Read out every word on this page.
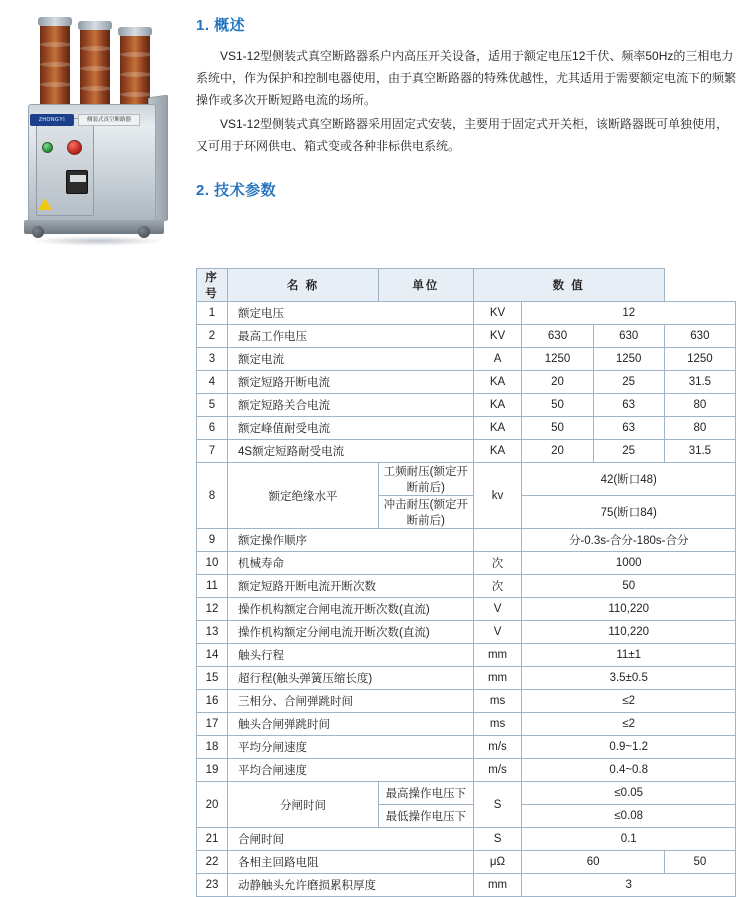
ZHONGYI	侧装式真空断路器
1. 概述

VS1-12型侧装式真空断路器系户内高压开关设备，适用于额定电压12千伏、频率50Hz的三相电力系统中，作为保护和控制电器使用，由于真空断路器的特殊优越性，尤其适用于需要额定电流下的频繁操作或多次开断短路电流的场所。

VS1-12型侧装式真空断路器采用固定式安装，主要用于固定式开关柜，该断路器既可单独使用，又可用于环网供电、箱式变或各种非标供电系统。

2. 技术参数
序号	名 称	单位	数 值			
1	额定电压		KV	12		
2	最高工作电压		KV	630	630	630
3	额定电流		A	1250	1250	1250
4	额定短路开断电流		KA	20	25	31.5
5	额定短路关合电流		KA	50	63	80
6	额定峰值耐受电流		KA	50	63	80
7	4S额定短路耐受电流		KA	20	25	31.5
8	额定绝缘水平	工频耐压(额定开断前后)	kv	42(断口48)		
		冲击耐压(额定开断前后)		75(断口84)		
9	额定操作顺序			分-0.3s-合分-180s-合分		
10	机械寿命		次	1000		
11	额定短路开断电流开断次数		次	50		
12	操作机构额定合闸电流开断次数(直流)		V	110,220		
13	操作机构额定分闸电流开断次数(直流)		V	110,220		
14	触头行程		mm	11±1		
15	超行程(触头弹簧压缩长度)		mm	3.5±0.5		
16	三相分、合闸弹跳时间		ms	≤2		
17	触头合闸弹跳时间		ms	≤2		
18	平均分闸速度		m/s	0.9~1.2		
19	平均合闸速度		m/s	0.4~0.8		
20	分闸时间	最高操作电压下	S	≤0.05		
		最低操作电压下		≤0.08		
21	合闸时间		S	0.1		
22	各相主回路电阻		μΩ	60		50
23	动静触头允许磨损累积厚度		mm	3		
